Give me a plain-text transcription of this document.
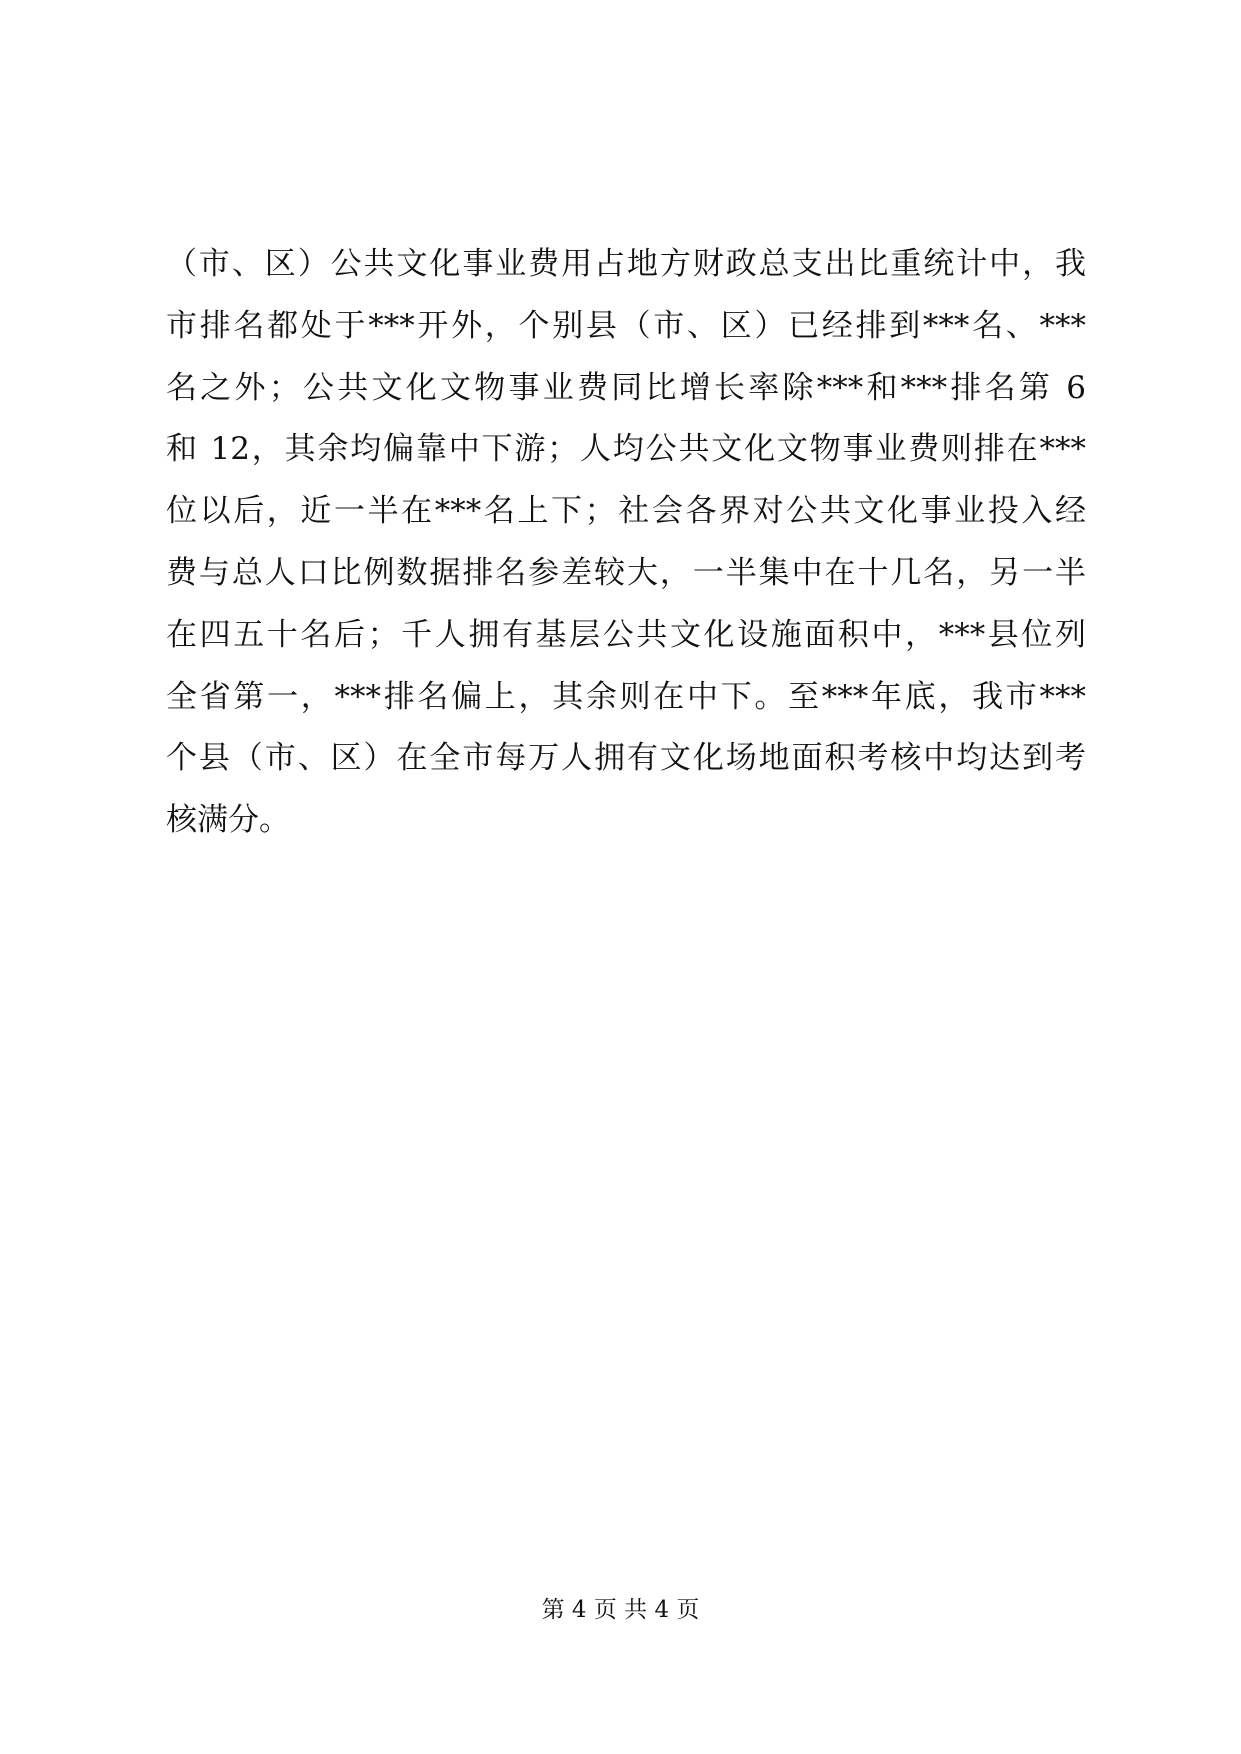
（市、区）公共文化事业费用占地方财政总支出比重统计中，我
市排名都处于***开外，个别县（市、区）已经排到***名、***
名之外；公共文化文物事业费同比增长率除***和***排名第 6
和 12，其余均偏靠中下游；人均公共文化文物事业费则排在***
位以后，近一半在***名上下；社会各界对公共文化事业投入经
费与总人口比例数据排名参差较大，一半集中在十几名，另一半
在四五十名后；千人拥有基层公共文化设施面积中，***县位列
全省第一，***排名偏上，其余则在中下。至***年底，我市***
个县（市、区）在全市每万人拥有文化场地面积考核中均达到考
核满分。
第 4 页 共 4 页
